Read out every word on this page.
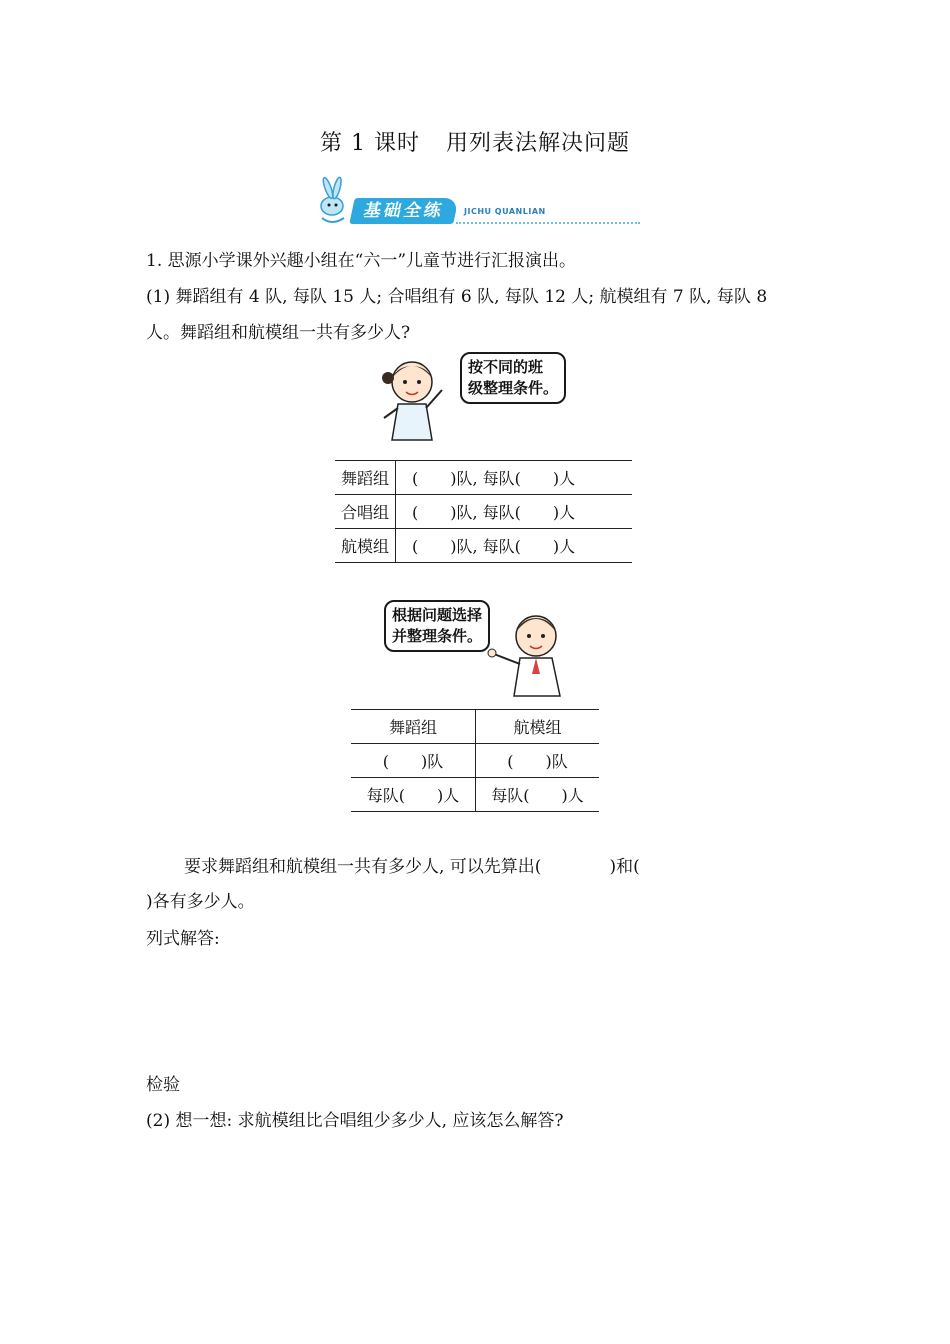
第 1 课时 用列表法解决问题
基础全练	JICHU QUANLIAN
1. 思源小学课外兴趣小组在“六一”儿童节进行汇报演出。
(1) 舞蹈组有 4 队, 每队 15 人; 合唱组有 6 队, 每队 12 人; 航模组有 7 队, 每队 8
人。舞蹈组和航模组一共有多少人?
按不同的班
级整理条件。
舞蹈组	(　　)队, 每队(　　)人
合唱组	(　　)队, 每队(　　)人
航模组	(　　)队, 每队(　　)人
根据问题选择
并整理条件。
舞蹈组	航模组
(　　)队	(　　)队
每队(　　)人	每队(　　)人
要求舞蹈组和航模组一共有多少人, 可以先算出(　　　　)和(
)各有多少人。
列式解答:
检验
(2) 想一想: 求航模组比合唱组少多少人, 应该怎么解答?
